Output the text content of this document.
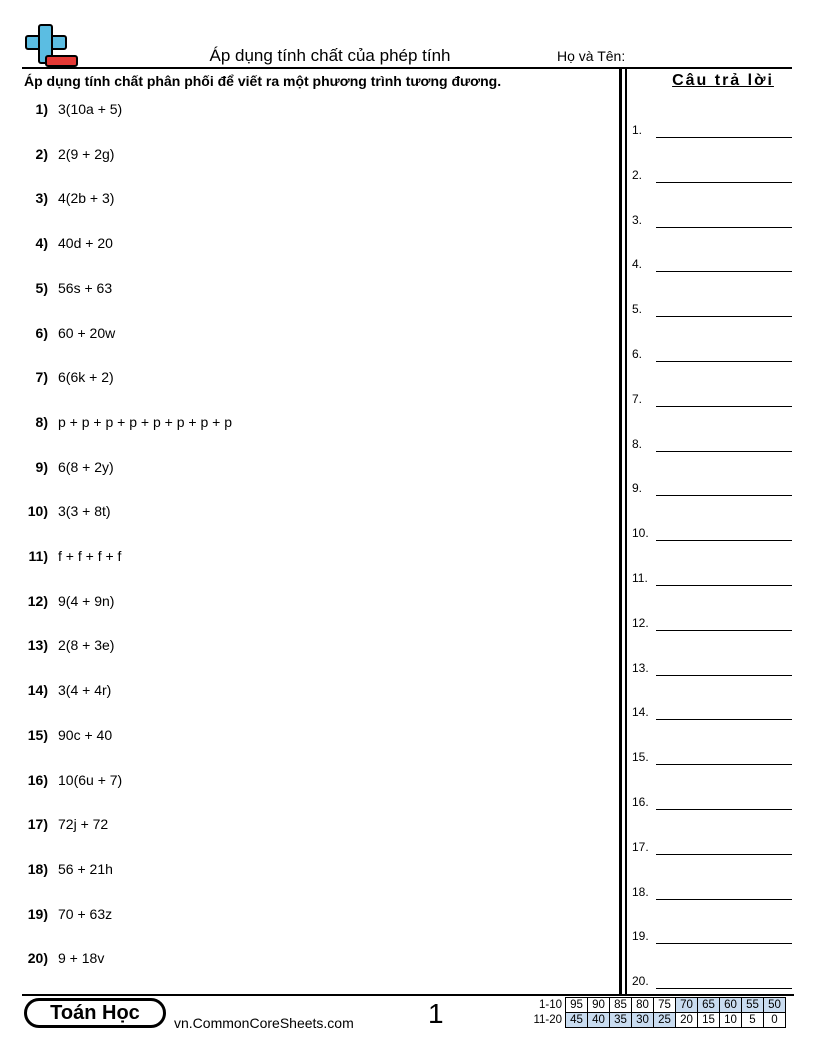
Áp dụng tính chất của phép tính	Họ và Tên:
Áp dụng tính chất phân phối để viết ra một phương trình tương đương.	Câu trả lời
1) 3(10a + 5)
2) 2(9 + 2g)
3) 4(2b + 3)
4) 40d + 20
5) 56s + 63
6) 60 + 20w
7) 6(6k + 2)
8) p + p + p + p + p + p + p + p
9) 6(8 + 2y)
10) 3(3 + 8t)
11) f + f + f + f
12) 9(4 + 9n)
13) 2(8 + 3e)
14) 3(4 + 4r)
15) 90c + 40
16) 10(6u + 7)
17) 72j + 72
18) 56 + 21h
19) 70 + 63z
20) 9 + 18v
1.
2.
3.
4.
5.
6.
7.
8.
9.
10.
11.
12.
13.
14.
15.
16.
17.
18.
19.
20.
Toán Học	vn.CommonCoreSheets.com	1	1-10	95	90	85	80	75	70	65	60	55	50
11-20	45	40	35	30	25	20	15	10	5	0
